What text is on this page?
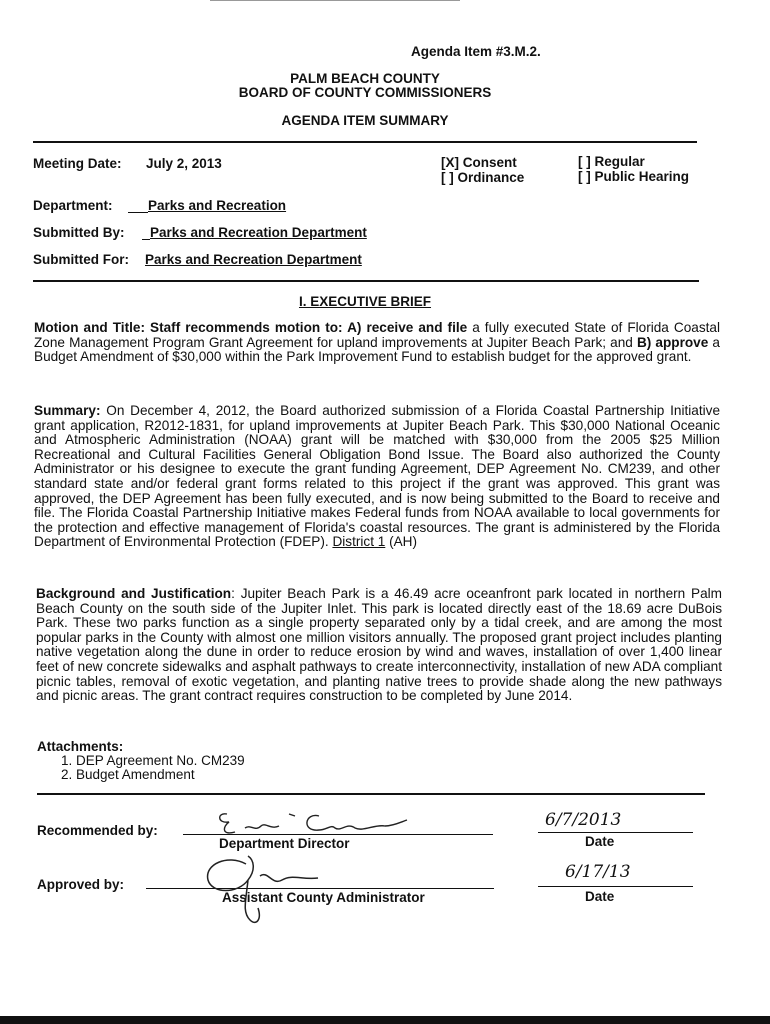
Agenda Item #3.M.2.
PALM BEACH COUNTY
BOARD OF COUNTY COMMISSIONERS
AGENDA ITEM SUMMARY
Meeting Date: July 2, 2013	[X] Consent
[ ] Ordinance
[ ] Regular
[ ] Public Hearing
Department:	Parks and Recreation
Submitted By: Parks and Recreation Department
Submitted For: Parks and Recreation Department
I. EXECUTIVE BRIEF
Motion and Title: Staff recommends motion to: A) receive and file a fully executed State of Florida Coastal Zone Management Program Grant Agreement for upland improvements at Jupiter Beach Park; and B) approve a Budget Amendment of $30,000 within the Park Improvement Fund to establish budget for the approved grant.
Summary: On December 4, 2012, the Board authorized submission of a Florida Coastal Partnership Initiative grant application, R2012-1831, for upland improvements at Jupiter Beach Park. This $30,000 National Oceanic and Atmospheric Administration (NOAA) grant will be matched with $30,000 from the 2005 $25 Million Recreational and Cultural Facilities General Obligation Bond Issue. The Board also authorized the County Administrator or his designee to execute the grant funding Agreement, DEP Agreement No. CM239, and other standard state and/or federal grant forms related to this project if the grant was approved. This grant was approved, the DEP Agreement has been fully executed, and is now being submitted to the Board to receive and file. The Florida Coastal Partnership Initiative makes Federal funds from NOAA available to local governments for the protection and effective management of Florida's coastal resources. The grant is administered by the Florida Department of Environmental Protection (FDEP). District 1 (AH)
Background and Justification: Jupiter Beach Park is a 46.49 acre oceanfront park located in northern Palm Beach County on the south side of the Jupiter Inlet. This park is located directly east of the 18.69 acre DuBois Park. These two parks function as a single property separated only by a tidal creek, and are among the most popular parks in the County with almost one million visitors annually. The proposed grant project includes planting native vegetation along the dune in order to reduce erosion by wind and waves, installation of over 1,400 linear feet of new concrete sidewalks and asphalt pathways to create interconnectivity, installation of new ADA compliant picnic tables, removal of exotic vegetation, and planting native trees to provide shade along the new pathways and picnic areas. The grant contract requires construction to be completed by June 2014.
Attachments:
1. DEP Agreement No. CM239
2. Budget Amendment
Recommended by:
Department Director
6/7/2013
Date
Approved by:
Assistant County Administrator
6/17/13
Date
